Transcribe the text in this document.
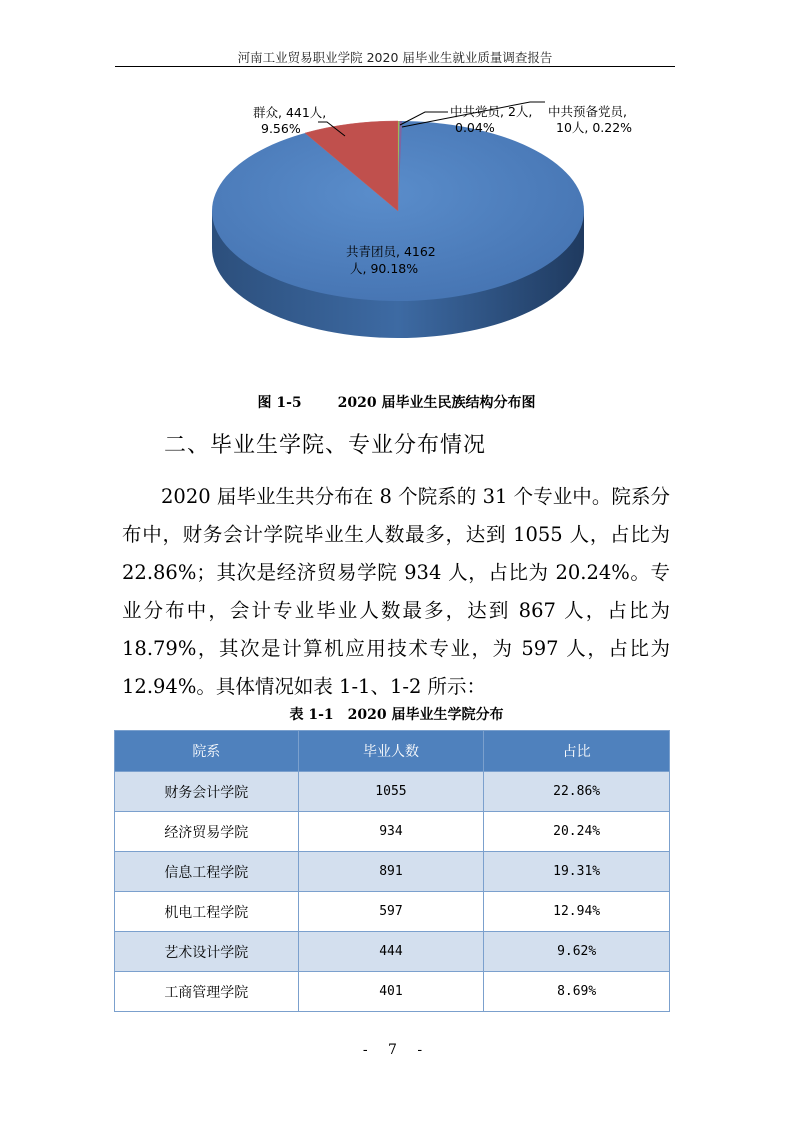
河南工业贸易职业学院 2020 届毕业生就业质量调查报告
群众, 441人,
9.56%
中共党员, 2人,
0.04%
中共预备党员,
10人, 0.22%
共青团员, 4162
人, 90.18%
图 1-5	2020 届毕业生民族结构分布图
二、毕业生学院、专业分布情况

2020 届毕业生共分布在 8 个院系的 31 个专业中。院系分布中，财务会计学院毕业生人数最多，达到 1055 人，占比为 22.86%；其次是经济贸易学院 934 人，占比为 20.24%。专业分布中，会计专业毕业人数最多，达到 867 人，占比为 18.79%，其次是计算机应用技术专业，为 597 人，占比为 12.94%。具体情况如表 1-1、1-2 所示：

表 1-1 2020 届毕业生学院分布
院系	毕业人数	占比
财务会计学院	1055	22.86%
经济贸易学院	934	20.24%
信息工程学院	891	19.31%
机电工程学院	597	12.94%
艺术设计学院	444	9.62%
工商管理学院	401	8.69%
- 7 -
